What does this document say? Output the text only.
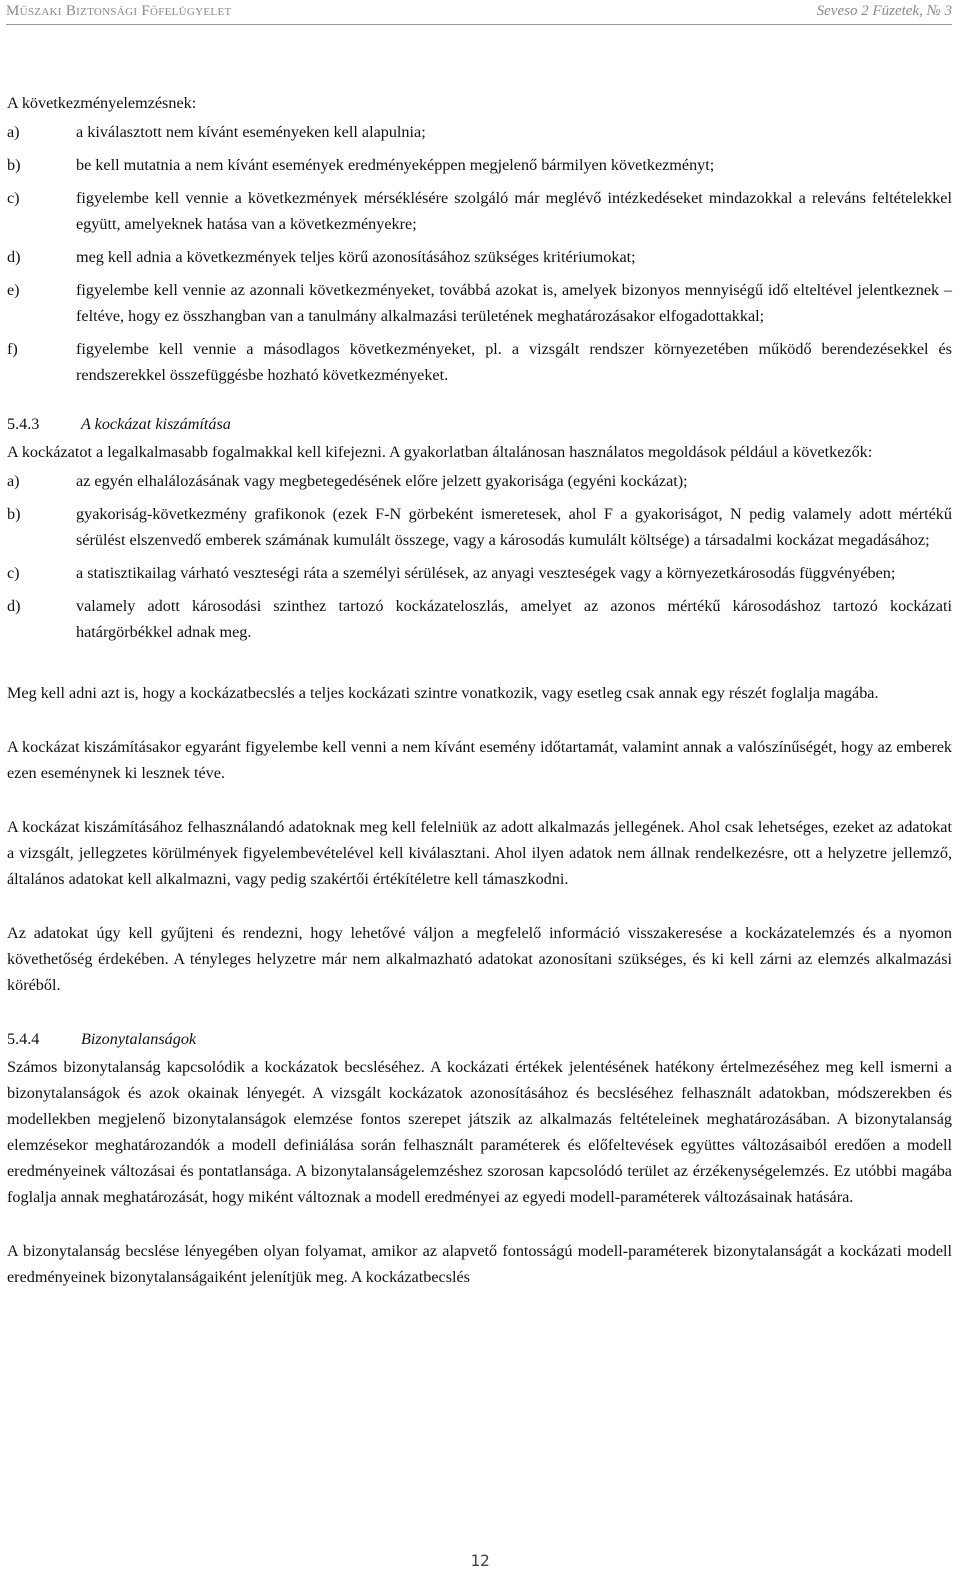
Műszaki Biztonsági Főfelügyelet	Seveso 2 Füzetek, № 3

A következményelemzésnek:

a)	a kiválasztott nem kívánt eseményeken kell alapulnia;
b)	be kell mutatnia a nem kívánt események eredményeképpen megjelenő bármilyen következményt;
c)	figyelembe kell vennie a következmények mérséklésére szolgáló már meglévő intézkedéseket mindazokkal a releváns feltételekkel együtt, amelyeknek hatása van a következményekre;
d)	meg kell adnia a következmények teljes körű azonosításához szükséges kritériumokat;
e)	figyelembe kell vennie az azonnali következményeket, továbbá azokat is, amelyek bizonyos mennyiségű idő elteltével jelentkeznek – feltéve, hogy ez összhangban van a tanulmány alkalmazási területének meghatározásakor elfogadottakkal;
f)	figyelembe kell vennie a másodlagos következményeket, pl. a vizsgált rendszer környezetében működő berendezésekkel és rendszerekkel összefüggésbe hozható következményeket.
5.4.3	A kockázat kiszámítása

A kockázatot a legalkalmasabb fogalmakkal kell kifejezni. A gyakorlatban általánosan használatos megoldások például a következők:

a)	az egyén elhalálozásának vagy megbetegedésének előre jelzett gyakorisága (egyéni kockázat);
b)	gyakoriság-következmény grafikonok (ezek F-N görbeként ismeretesek, ahol F a gyakoriságot, N pedig valamely adott mértékű sérülést elszenvedő emberek számának kumulált összege, vagy a károsodás kumulált költsége) a társadalmi kockázat megadásához;
c)	a statisztikailag várható veszteségi ráta a személyi sérülések, az anyagi veszteségek vagy a környezetkárosodás függvényében;
d)	valamely adott károsodási szinthez tartozó kockázateloszlás, amelyet az azonos mértékű károsodáshoz tartozó kockázati határgörbékkel adnak meg.

Meg kell adni azt is, hogy a kockázatbecslés a teljes kockázati szintre vonatkozik, vagy esetleg csak annak egy részét foglalja magába.

A kockázat kiszámításakor egyaránt figyelembe kell venni a nem kívánt esemény időtartamát, valamint annak a valószínűségét, hogy az emberek ezen eseménynek ki lesznek téve.

A kockázat kiszámításához felhasználandó adatoknak meg kell felelniük az adott alkalmazás jellegének. Ahol csak lehetséges, ezeket az adatokat a vizsgált, jellegzetes körülmények figyelembevételével kell kiválasztani. Ahol ilyen adatok nem állnak rendelkezésre, ott a helyzetre jellemző, általános adatokat kell alkalmazni, vagy pedig szakértői értékítéletre kell támaszkodni.

Az adatokat úgy kell gyűjteni és rendezni, hogy lehetővé váljon a megfelelő információ visszakeresése a kockázatelemzés és a nyomon követhetőség érdekében. A tényleges helyzetre már nem alkalmazható adatokat azonosítani szükséges, és ki kell zárni az elemzés alkalmazási köréből.

5.4.4	Bizonytalanságok

Számos bizonytalanság kapcsolódik a kockázatok becsléséhez. A kockázati értékek jelentésének hatékony értelmezéséhez meg kell ismerni a bizonytalanságok és azok okainak lényegét. A vizsgált kockázatok azonosításához és becsléséhez felhasznált adatokban, módszerekben és modellekben megjelenő bizonytalanságok elemzése fontos szerepet játszik az alkalmazás feltételeinek meghatározásában. A bizonytalanság elemzésekor meghatározandók a modell definiálása során felhasznált paraméterek és előfeltevések együttes változásaiból eredően a modell eredményeinek változásai és pontatlansága. A bizonytalanságelemzéshez szorosan kapcsolódó terület az érzékenységelemzés. Ez utóbbi magába foglalja annak meghatározását, hogy miként változnak a modell eredményei az egyedi modell-paraméterek változásainak hatására.

A bizonytalanság becslése lényegében olyan folyamat, amikor az alapvető fontosságú modell-paraméterek bizonytalanságát a kockázati modell eredményeinek bizonytalanságaiként jelenítjük meg. A kockázatbecslés

12
